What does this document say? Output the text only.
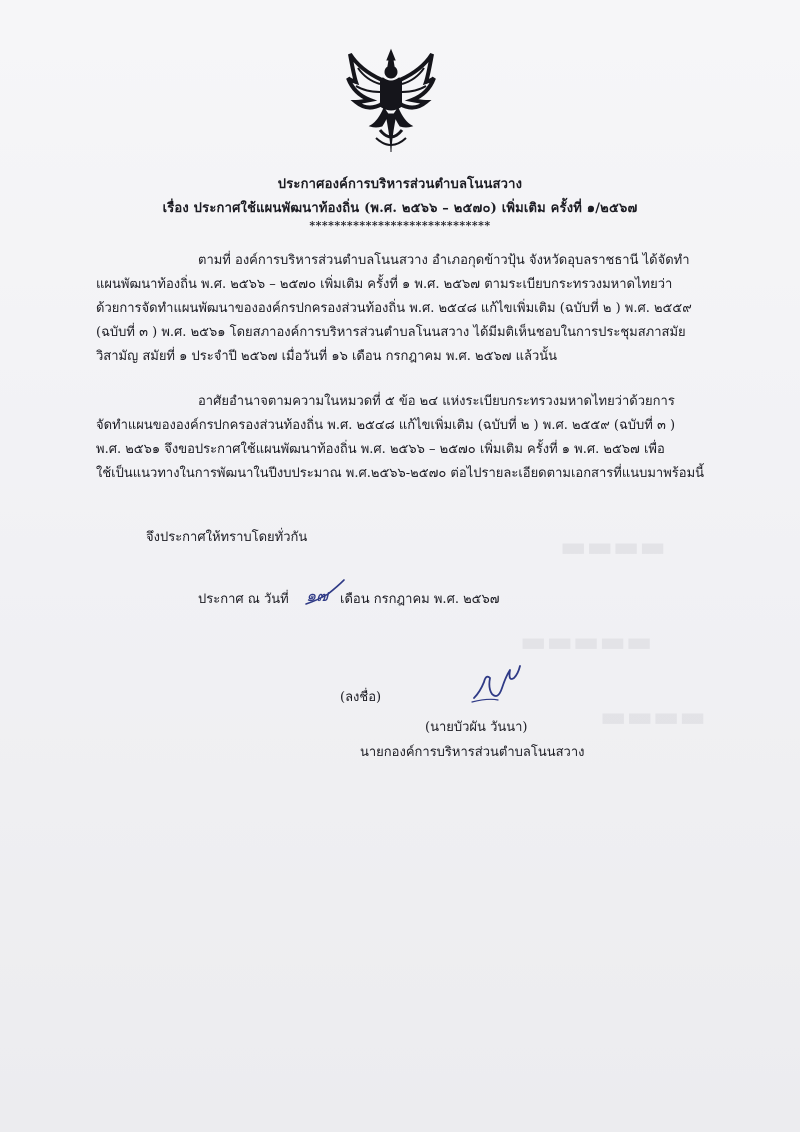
▬▬▬▬
▬▬▬▬▬
▬▬▬▬
ประกาศองค์การบริหารส่วนตำบลโนนสวาง
เรื่อง ประกาศใช้แผนพัฒนาท้องถิ่น (พ.ศ. ๒๕๖๖ – ๒๕๗๐) เพิ่มเติม ครั้งที่ ๑/๒๕๖๗
*****************************
ตามที่ องค์การบริหารส่วนตำบลโนนสวาง อำเภอกุดข้าวปุ้น จังหวัดอุบลราชธานี ได้จัดทำ
แผนพัฒนาท้องถิ่น พ.ศ. ๒๕๖๖ – ๒๕๗๐ เพิ่มเติม ครั้งที่ ๑ พ.ศ. ๒๕๖๗ ตามระเบียบกระทรวงมหาดไทยว่า
ด้วยการจัดทำแผนพัฒนาขององค์กรปกครองส่วนท้องถิ่น พ.ศ. ๒๕๔๘ แก้ไขเพิ่มเติม (ฉบับที่ ๒ ) พ.ศ. ๒๕๕๙
(ฉบับที่ ๓ ) พ.ศ. ๒๕๖๑ โดยสภาองค์การบริหารส่วนตำบลโนนสวาง ได้มีมติเห็นชอบในการประชุมสภาสมัย
วิสามัญ สมัยที่ ๑ ประจำปี ๒๕๖๗ เมื่อวันที่ ๑๖ เดือน กรกฎาคม พ.ศ. ๒๕๖๗ แล้วนั้น
อาศัยอำนาจตามความในหมวดที่ ๕ ข้อ ๒๔ แห่งระเบียบกระทรวงมหาดไทยว่าด้วยการ
จัดทำแผนขององค์กรปกครองส่วนท้องถิ่น พ.ศ. ๒๕๔๘ แก้ไขเพิ่มเติม (ฉบับที่ ๒ ) พ.ศ. ๒๕๕๙ (ฉบับที่ ๓ )
พ.ศ. ๒๕๖๑ จึงขอประกาศใช้แผนพัฒนาท้องถิ่น พ.ศ. ๒๕๖๖ – ๒๕๗๐ เพิ่มเติม ครั้งที่ ๑ พ.ศ. ๒๕๖๗ เพื่อ
ใช้เป็นแนวทางในการพัฒนาในปีงบประมาณ พ.ศ.๒๕๖๖-๒๕๗๐ ต่อไปรายละเอียดตามเอกสารที่แนบมาพร้อมนี้
จึงประกาศให้ทราบโดยทั่วกัน
ประกาศ ณ วันที่ ๑๗ เดือน กรกฎาคม พ.ศ. ๒๕๖๗
(ลงชื่อ)
(นายบัวผัน วันนา)
นายกองค์การบริหารส่วนตำบลโนนสวาง
